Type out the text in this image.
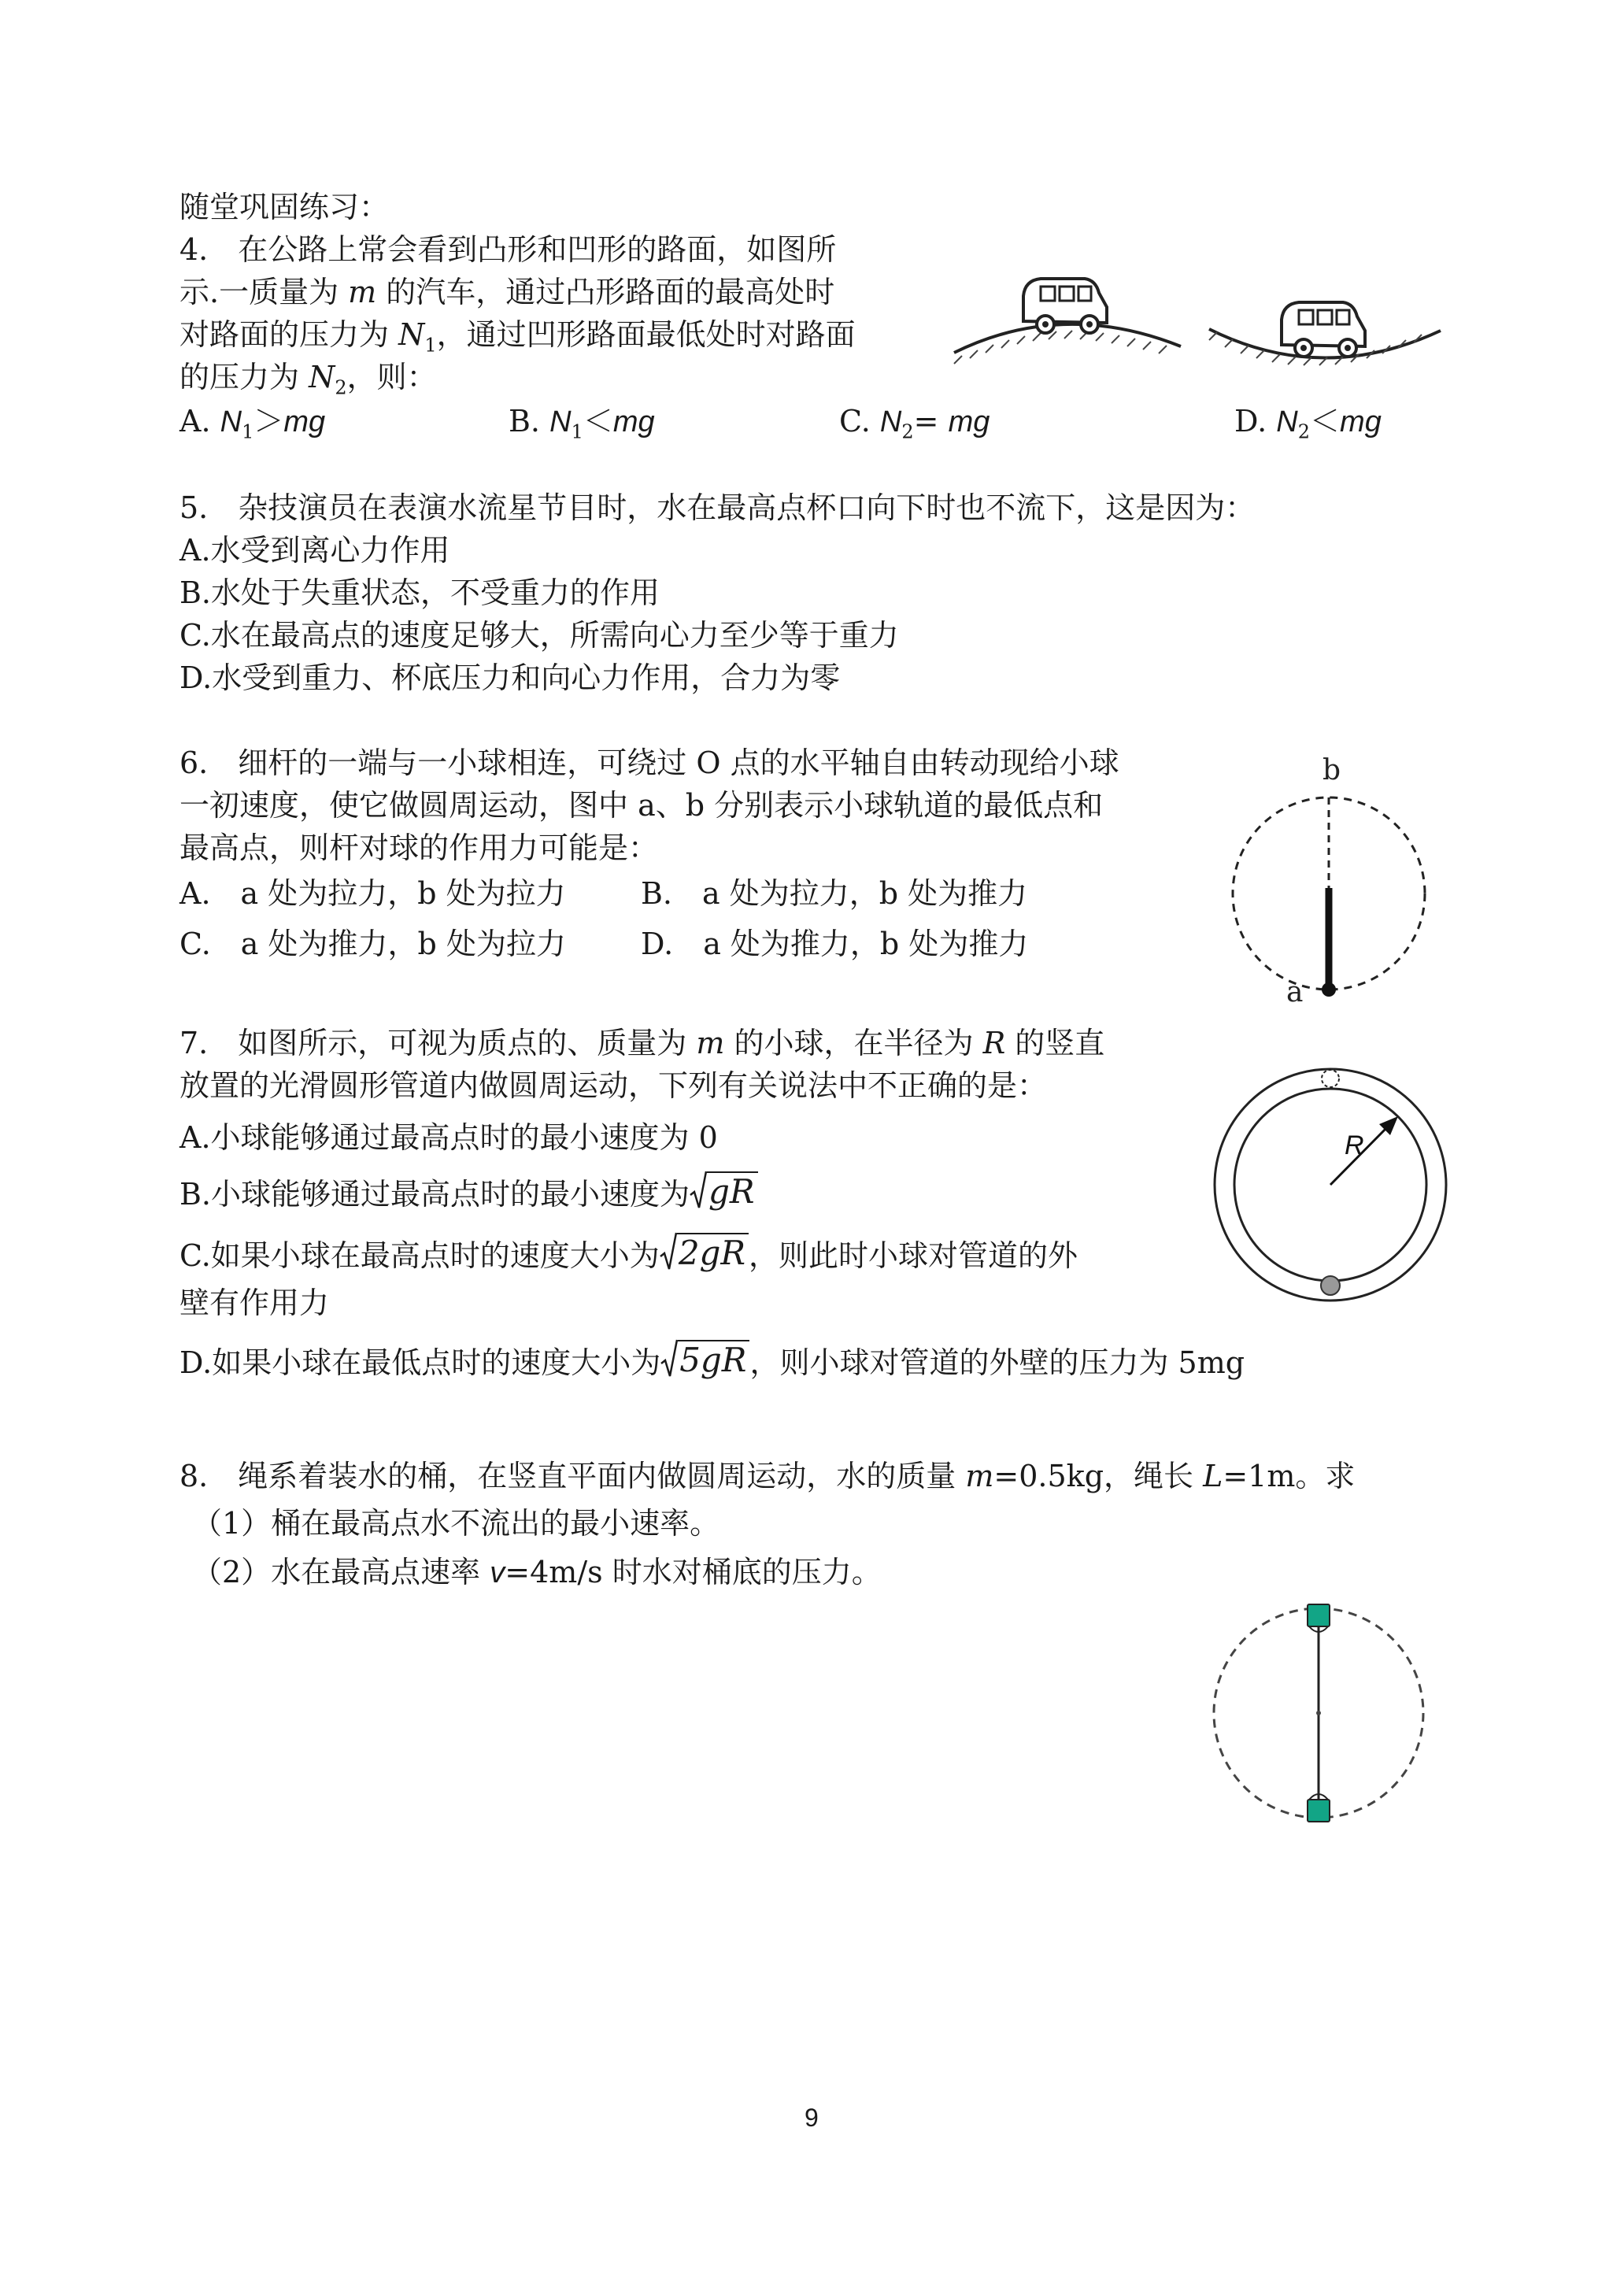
随堂巩固练习：
4.　在公路上常会看到凸形和凹形的路面，如图所
示.一质量为 m 的汽车，通过凸形路面的最高处时
对路面的压力为 $N_1$，通过凹形路面最低处时对路面
的压力为 $N_2$，则：
A. $N_1>mg$	B. $N_1<mg$	C. $N_2=$ mg	D. $N_2<mg$
5.　杂技演员在表演水流星节目时，水在最高点杯口向下时也不流下，这是因为：
A.水受到离心力作用
B.水处于失重状态，不受重力的作用
C.水在最高点的速度足够大，所需向心力至少等于重力
D.水受到重力、杯底压力和向心力作用，合力为零
6.　细杆的一端与一小球相连，可绕过 O 点的水平轴自由转动现给小球
一初速度，使它做圆周运动，图中 a、b 分别表示小球轨道的最低点和
最高点，则杆对球的作用力可能是：
A.　a 处为拉力，b 处为拉力	B.　a 处为拉力，b 处为推力
C.　a 处为推力，b 处为拉力	D.　a 处为推力，b 处为推力
b
a
7.　如图所示，可视为质点的、质量为 m 的小球，在半径为 R 的竖直
放置的光滑圆形管道内做圆周运动，下列有关说法中不正确的是：
A.小球能够通过最高点时的最小速度为 0
B.小球能够通过最高点时的最小速度为 gR
C.如果小球在最高点时的速度大小为 2gR ，则此时小球对管道的外
壁有作用力
D.如果小球在最低点时的速度大小为 5gR ，则小球对管道的外壁的压力为 5mg
R
8.　绳系着装水的桶，在竖直平面内做圆周运动，水的质量 m=0.5kg，绳长 L=1m。求
（1）桶在最高点水不流出的最小速率。
（2）水在最高点速率 v=4m/s 时水对桶底的压力。
9
